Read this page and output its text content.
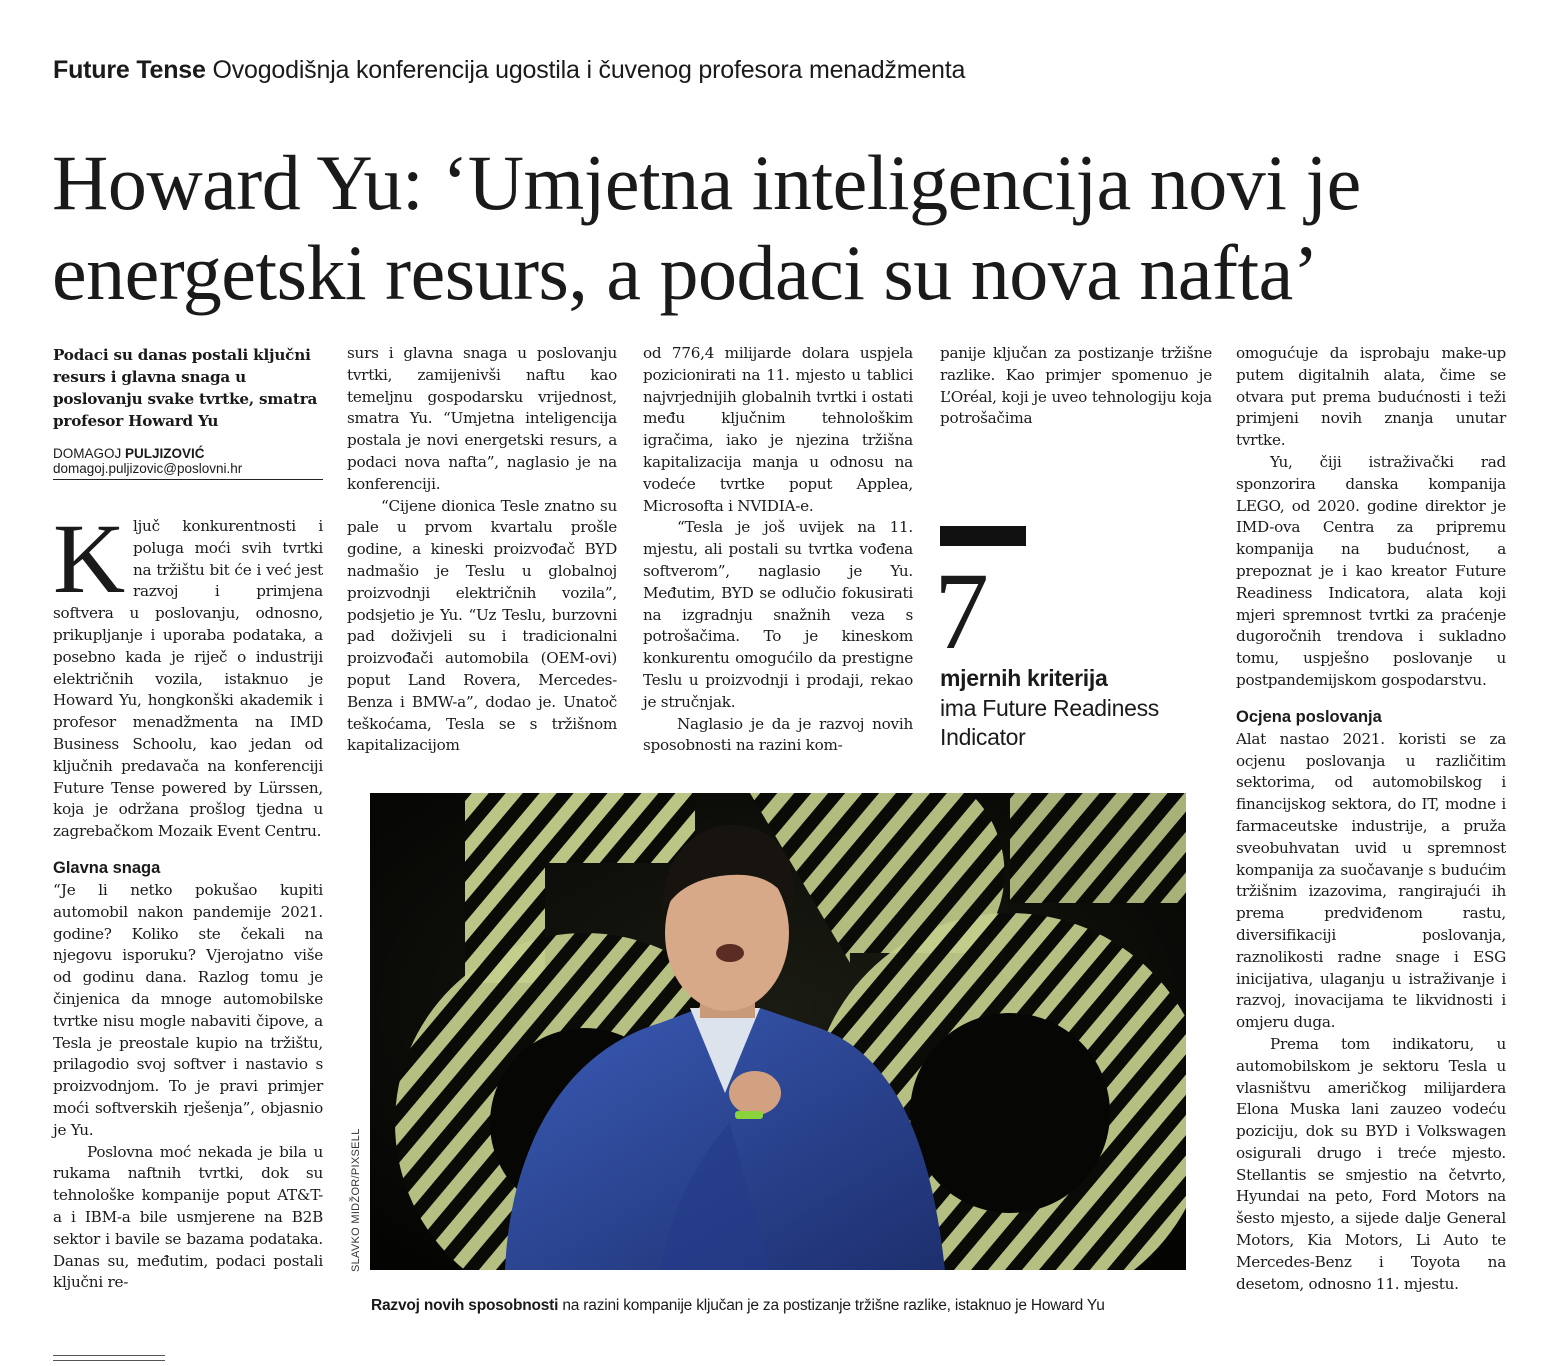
Future Tense Ovogodišnja konferencija ugostila i čuvenog profesora menadžmenta
Howard Yu: ‘Umjetna inteligencija novi je energetski resurs, a podaci su nova nafta’
Podaci su danas postali ključni resurs i glavna snaga u poslovanju svake tvrtke, smatra profesor Howard Yu
DOMAGOJ PULJIZOVIĆ
domagoj.puljizovic@poslovni.hr

Ključ konkurentnosti i poluga moći svih tvrtki na tržištu bit će i već jest razvoj i primjena softvera u poslovanju, odnosno, prikupljanje i uporaba podataka, a posebno kada je riječ o industriji električnih vozila, istaknuo je Howard Yu, hongkonški akademik i profesor menadžmenta na IMD Business Schoolu, kao jedan od ključnih predavača na konferenciji Future Tense powered by Lürssen, koja je održana prošlog tjedna u zagrebačkom Mozaik Event Centru.

Glavna snaga

“Je li netko pokušao kupiti automobil nakon pandemije 2021. godine? Koliko ste čekali na njegovu isporuku? Vjerojatno više od godinu dana. Razlog tomu je činjenica da mnoge automobilske tvrtke nisu mogle nabaviti čipove, a Tesla je preostale kupio na tržištu, prilagodio svoj softver i nastavio s proizvodnjom. To je pravi primjer moći softverskih rješenja”, objasnio je Yu.

Poslovna moć nekada je bila u rukama naftnih tvrtki, dok su tehnološke kompanije poput AT&T-a i IBM-a bile usmjerene na B2B sektor i bavile se bazama podataka. Danas su, međutim, podaci postali ključni re-

surs i glavna snaga u poslovanju tvrtki, zamijenivši naftu kao temeljnu gospodarsku vrijednost, smatra Yu. “Umjetna inteligencija postala je novi energetski resurs, a podaci nova nafta”, naglasio je na konferenciji.

“Cijene dionica Tesle znatno su pale u prvom kvartalu prošle godine, a kineski proizvođač BYD nadmašio je Teslu u globalnoj proizvodnji električnih vozila”, podsjetio je Yu. “Uz Teslu, burzovni pad doživjeli su i tradicionalni proizvođači automobila (OEM-ovi) poput Land Rovera, Mercedes-Benza i BMW-a”, dodao je. Unatoč teškoćama, Tesla se s tržišnom kapitalizacijom

od 776,4 milijarde dolara uspjela pozicionirati na 11. mjesto u tablici najvrjednijih globalnih tvrtki i ostati među ključnim tehnološkim igračima, iako je njezina tržišna kapitalizacija manja u odnosu na vodeće tvrtke poput Applea, Microsofta i NVIDIA-e.

“Tesla je još uvijek na 11. mjestu, ali postali su tvrtka vođena softverom”, naglasio je Yu. Međutim, BYD se odlučio fokusirati na izgradnju snažnih veza s potrošačima. To je kineskom konkurentu omogućilo da prestigne Teslu u proizvodnji i prodaji, rekao je stručnjak.

Naglasio je da je razvoj novih sposobnosti na razini kom-

panije ključan za postizanje tržišne razlike. Kao primjer spomenuo je L’Oréal, koji je uveo tehnologiju koja potrošačima

7
mjernih kriterija
ima Future Readiness Indicator

omogućuje da isprobaju make-up putem digitalnih alata, čime se otvara put prema budućnosti i teži primjeni novih znanja unutar tvrtke.

Yu, čiji istraživački rad sponzorira danska kompanija LEGO, od 2020. godine direktor je IMD-ova Centra za pripremu kompanija na budućnost, a prepoznat je i kao kreator Future Readiness Indicatora, alata koji mjeri spremnost tvrtki za praćenje dugoročnih trendova i sukladno tomu, uspješno poslovanje u postpandemijskom gospodarstvu.

Ocjena poslovanja

Alat nastao 2021. koristi se za ocjenu poslovanja u različitim sektorima, od automobilskog i financijskog sektora, do IT, modne i farmaceutske industrije, a pruža sveobuhvatan uvid u spremnost kompanija za suočavanje s budućim tržišnim izazovima, rangirajući ih prema predviđenom rastu, diversifikaciji poslovanja, raznolikosti radne snage i ESG inicijativa, ulaganju u istraživanje i razvoj, inovacijama te likvidnosti i omjeru duga.

Prema tom indikatoru, u automobilskom je sektoru Tesla u vlasništvu američkog milijardera Elona Muska lani zauzeo vodeću poziciju, dok su BYD i Volkswagen osigurali drugo i treće mjesto. Stellantis se smjestio na četvrto, Hyundai na peto, Ford Motors na šesto mjesto, a sijede dalje General Motors, Kia Motors, Li Auto te Mercedes-Benz i Toyota na desetom, odnosno 11. mjestu.

SLAVKO MIDŽOR/PIXSELL
Razvoj novih sposobnosti na razini kompanije ključan je za postizanje tržišne razlike, istaknuo je Howard Yu
